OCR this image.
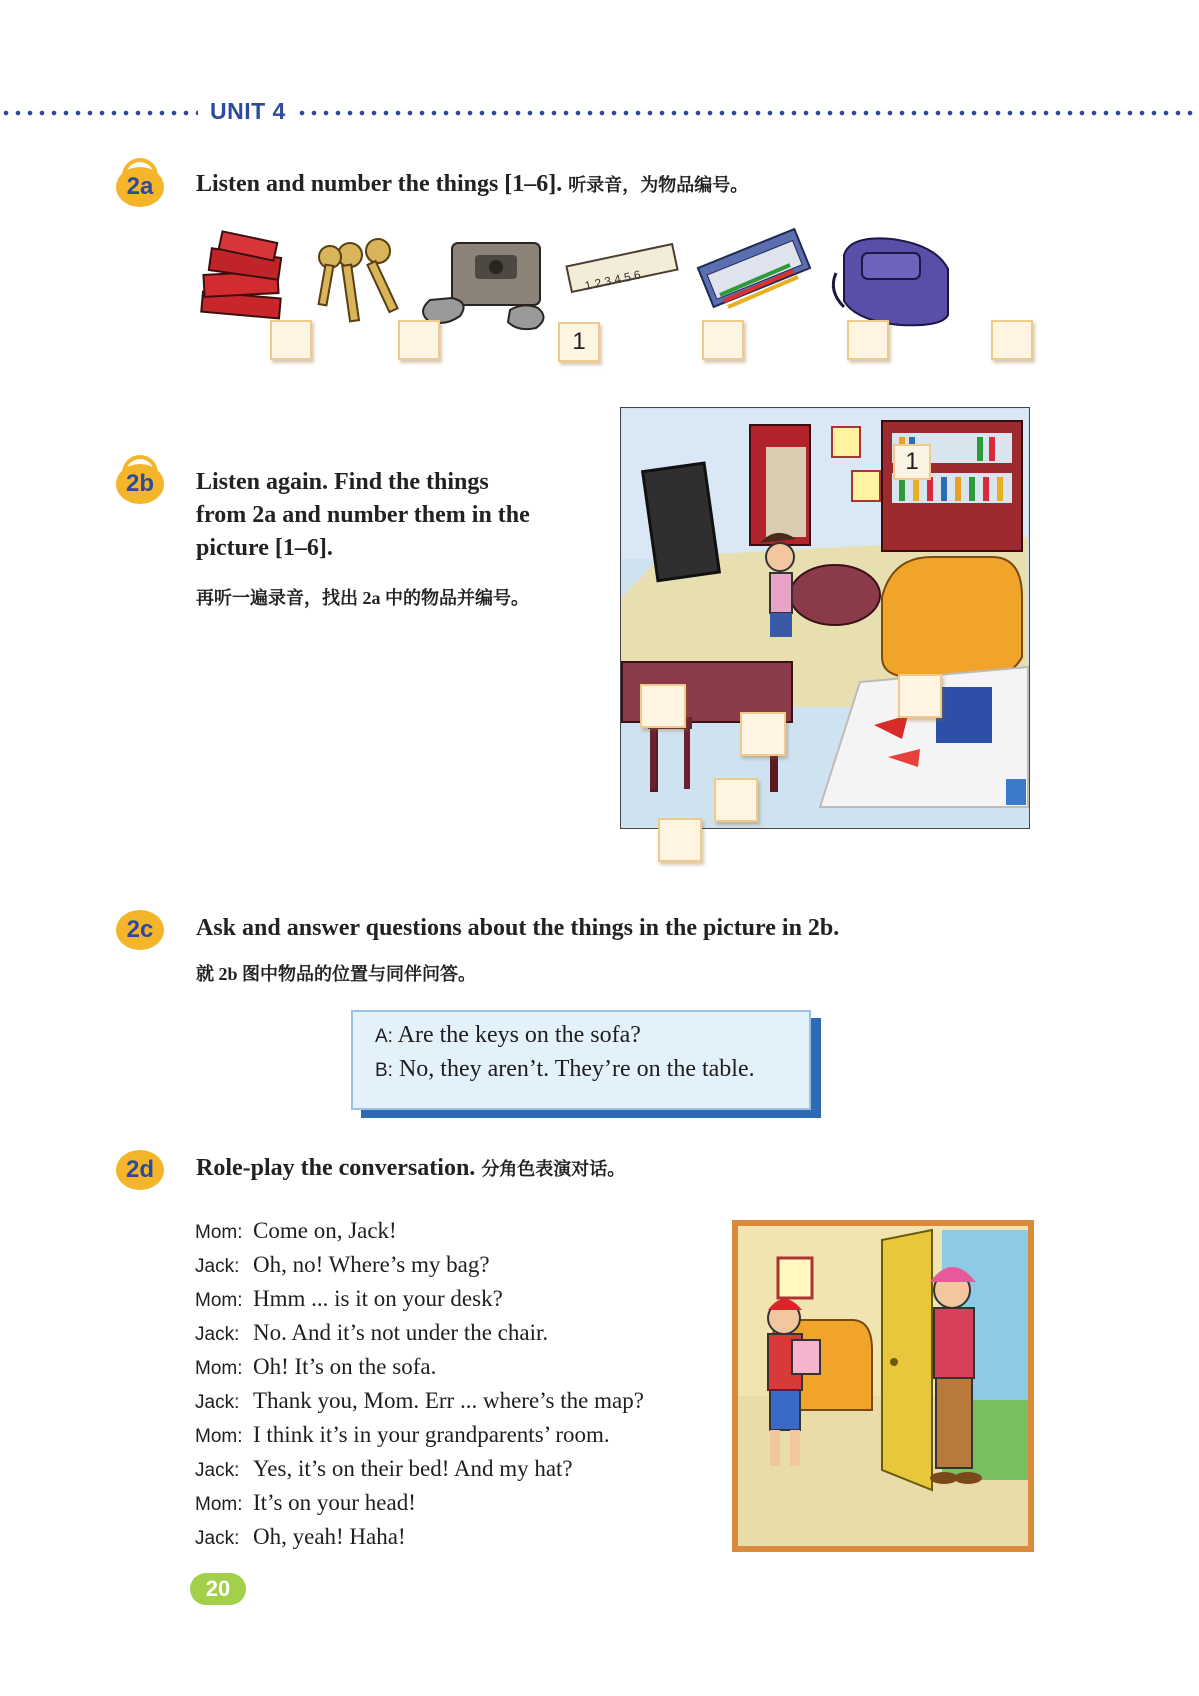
UNIT 4
2a	Listen and number the things [1–6]. 听录音，为物品编号。
1 2 3 4 5 6
1
2b	Listen again. Find the things
from 2a and number them in the
picture [1–6].
再听一遍录音，找出 2a 中的物品并编号。
1
2c	Ask and answer questions about the things in the picture in 2b.
就 2b 图中物品的位置与同伴问答。
A: Are the keys on the sofa?
B: No, they aren’t. They’re on the table.
2d	Role-play the conversation. 分角色表演对话。
Mom: Come on, Jack!
Jack: Oh, no! Where’s my bag?
Mom: Hmm ... is it on your desk?
Jack: No. And it’s not under the chair.
Mom: Oh! It’s on the sofa.
Jack: Thank you, Mom. Err ... where’s the map?
Mom: I think it’s in your grandparents’ room.
Jack: Yes, it’s on their bed! And my hat?
Mom: It’s on your head!
Jack: Oh, yeah! Haha!
20
